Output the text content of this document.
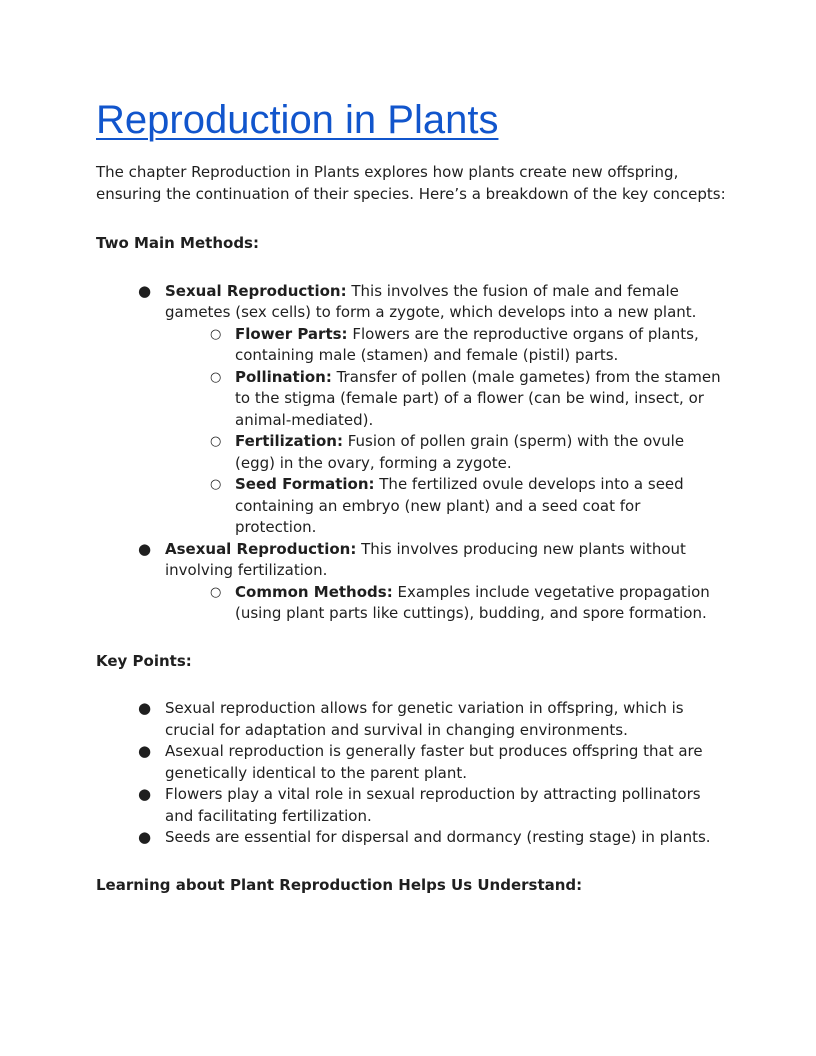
Reproduction in Plants

The chapter Reproduction in Plants explores how plants create new offspring, ensuring the continuation of their species. Here’s a breakdown of the key concepts:

Two Main Methods:

● Sexual Reproduction: This involves the fusion of male and female gametes (sex cells) to form a zygote, which develops into a new plant.
○ Flower Parts: Flowers are the reproductive organs of plants, containing male (stamen) and female (pistil) parts.
○ Pollination: Transfer of pollen (male gametes) from the stamen to the stigma (female part) of a flower (can be wind, insect, or animal-mediated).
○ Fertilization: Fusion of pollen grain (sperm) with the ovule (egg) in the ovary, forming a zygote.
○ Seed Formation: The fertilized ovule develops into a seed containing an embryo (new plant) and a seed coat for protection.
● Asexual Reproduction: This involves producing new plants without involving fertilization.
○ Common Methods: Examples include vegetative propagation (using plant parts like cuttings), budding, and spore formation.

Key Points:

● Sexual reproduction allows for genetic variation in offspring, which is crucial for adaptation and survival in changing environments.
● Asexual reproduction is generally faster but produces offspring that are genetically identical to the parent plant.
● Flowers play a vital role in sexual reproduction by attracting pollinators and facilitating fertilization.
● Seeds are essential for dispersal and dormancy (resting stage) in plants.

Learning about Plant Reproduction Helps Us Understand:
